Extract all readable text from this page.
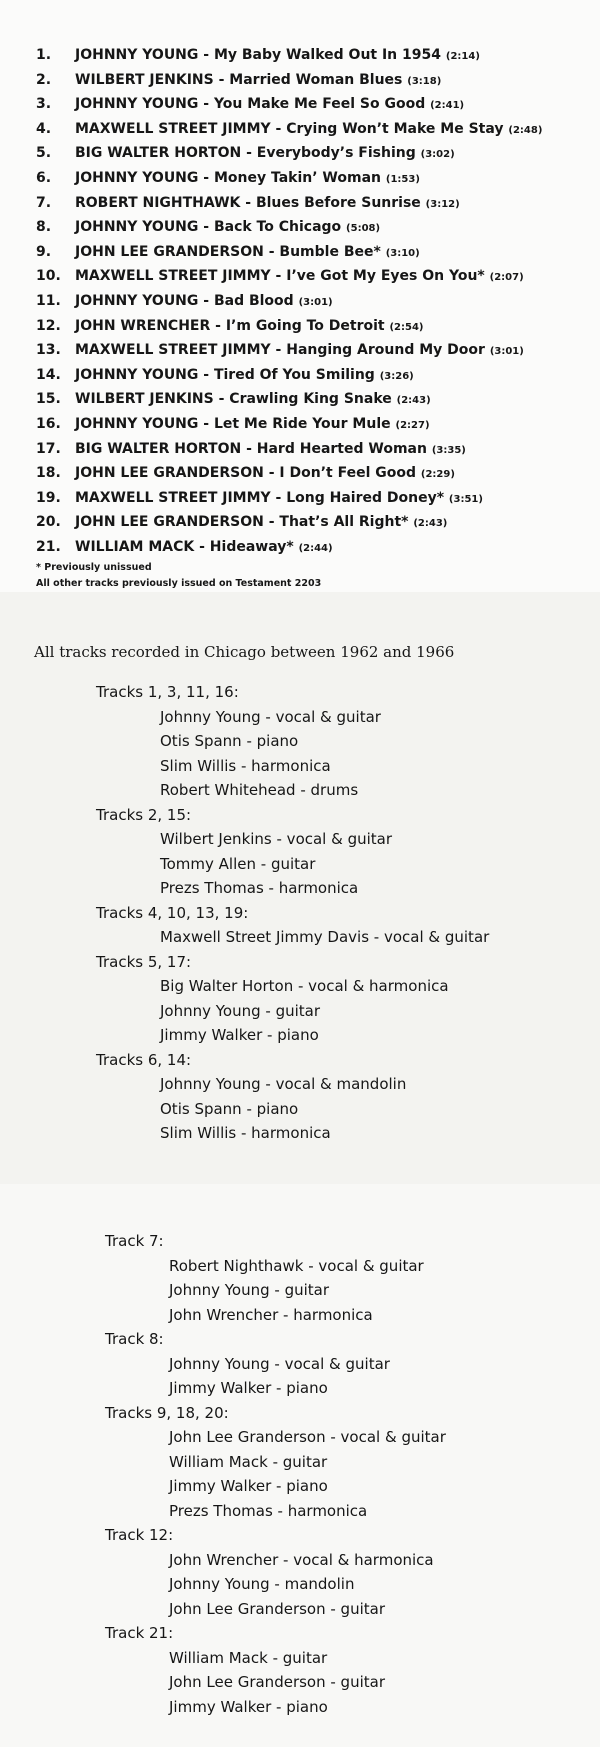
1. JOHNNY YOUNG - My Baby Walked Out In 1954 (2:14)
2. WILBERT JENKINS - Married Woman Blues (3:18)
3. JOHNNY YOUNG - You Make Me Feel So Good (2:41)
4. MAXWELL STREET JIMMY - Crying Won’t Make Me Stay (2:48)
5. BIG WALTER HORTON - Everybody’s Fishing (3:02)
6. JOHNNY YOUNG - Money Takin’ Woman (1:53)
7. ROBERT NIGHTHAWK - Blues Before Sunrise (3:12)
8. JOHNNY YOUNG - Back To Chicago (5:08)
9. JOHN LEE GRANDERSON - Bumble Bee* (3:10)
10. MAXWELL STREET JIMMY - I’ve Got My Eyes On You* (2:07)
11. JOHNNY YOUNG - Bad Blood (3:01)
12. JOHN WRENCHER - I’m Going To Detroit (2:54)
13. MAXWELL STREET JIMMY - Hanging Around My Door (3:01)
14. JOHNNY YOUNG - Tired Of You Smiling (3:26)
15. WILBERT JENKINS - Crawling King Snake (2:43)
16. JOHNNY YOUNG - Let Me Ride Your Mule (2:27)
17. BIG WALTER HORTON - Hard Hearted Woman (3:35)
18. JOHN LEE GRANDERSON - I Don’t Feel Good (2:29)
19. MAXWELL STREET JIMMY - Long Haired Doney* (3:51)
20. JOHN LEE GRANDERSON - That’s All Right* (2:43)
21. WILLIAM MACK - Hideaway* (2:44)
* Previously unissued
All other tracks previously issued on Testament 2203
All tracks recorded in Chicago between 1962 and 1966
Tracks 1, 3, 11, 16:
Johnny Young - vocal & guitar
Otis Spann - piano
Slim Willis - harmonica
Robert Whitehead - drums
Tracks 2, 15:
Wilbert Jenkins - vocal & guitar
Tommy Allen - guitar
Prezs Thomas - harmonica
Tracks 4, 10, 13, 19:
Maxwell Street Jimmy Davis - vocal & guitar
Tracks 5, 17:
Big Walter Horton - vocal & harmonica
Johnny Young - guitar
Jimmy Walker - piano
Tracks 6, 14:
Johnny Young - vocal & mandolin
Otis Spann - piano
Slim Willis - harmonica
Track 7:
Robert Nighthawk - vocal & guitar
Johnny Young - guitar
John Wrencher - harmonica
Track 8:
Johnny Young - vocal & guitar
Jimmy Walker - piano
Tracks 9, 18, 20:
John Lee Granderson - vocal & guitar
William Mack - guitar
Jimmy Walker - piano
Prezs Thomas - harmonica
Track 12:
John Wrencher - vocal & harmonica
Johnny Young - mandolin
John Lee Granderson - guitar
Track 21:
William Mack - guitar
John Lee Granderson - guitar
Jimmy Walker - piano
